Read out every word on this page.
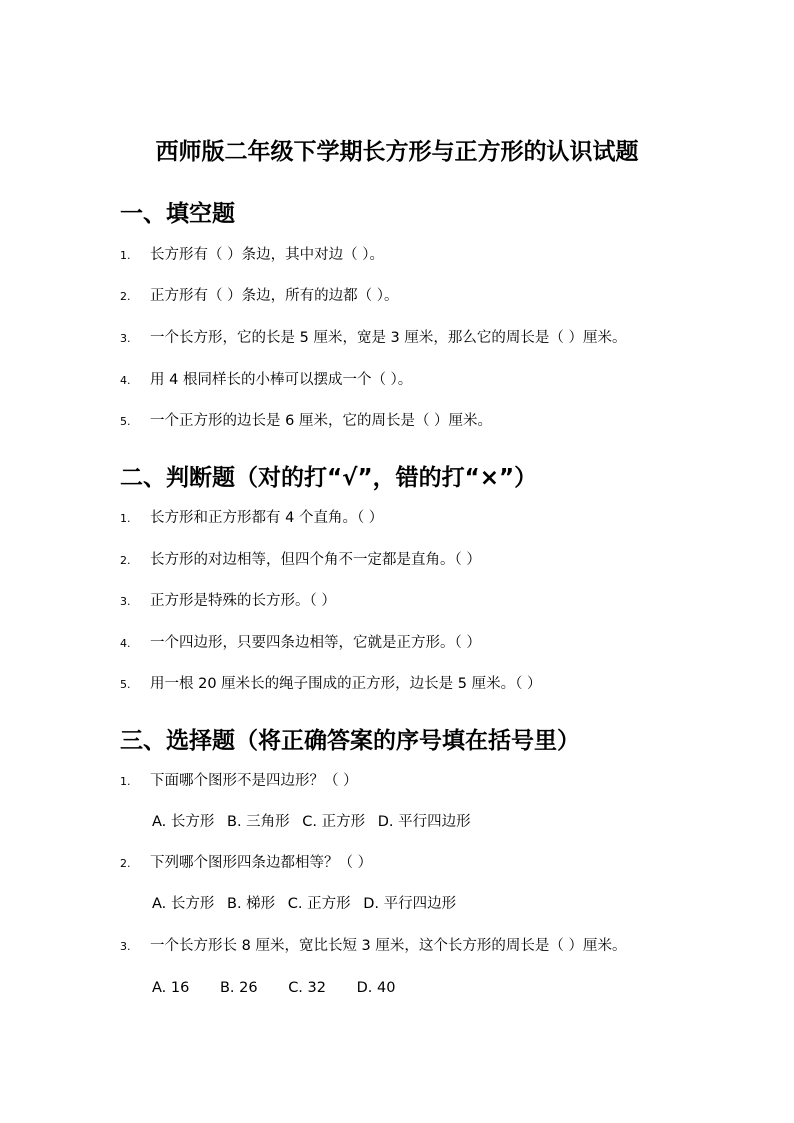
西师版二年级下学期长方形与正方形的认识试题
一、填空题
1. 长方形有（ ）条边，其中对边（ ）。
2. 正方形有（ ）条边，所有的边都（ ）。
3. 一个长方形，它的长是 5 厘米，宽是 3 厘米，那么它的周长是（ ）厘米。
4. 用 4 根同样长的小棒可以摆成一个（ ）。
5. 一个正方形的边长是 6 厘米，它的周长是（ ）厘米。
二、判断题（对的打“√”，错的打“×”）
1. 长方形和正方形都有 4 个直角。（ ）
2. 长方形的对边相等，但四个角不一定都是直角。（ ）
3. 正方形是特殊的长方形。（ ）
4. 一个四边形，只要四条边相等，它就是正方形。（ ）
5. 用一根 20 厘米长的绳子围成的正方形，边长是 5 厘米。（ ）
三、选择题（将正确答案的序号填在括号里）
1. 下面哪个图形不是四边形？（ ）
A. 长方形 B. 三角形 C. 正方形 D. 平行四边形
2. 下列哪个图形四条边都相等？（ ）
A. 长方形 B. 梯形 C. 正方形 D. 平行四边形
3. 一个长方形长 8 厘米，宽比长短 3 厘米，这个长方形的周长是（ ）厘米。
A. 16 B. 26 C. 32 D. 40
